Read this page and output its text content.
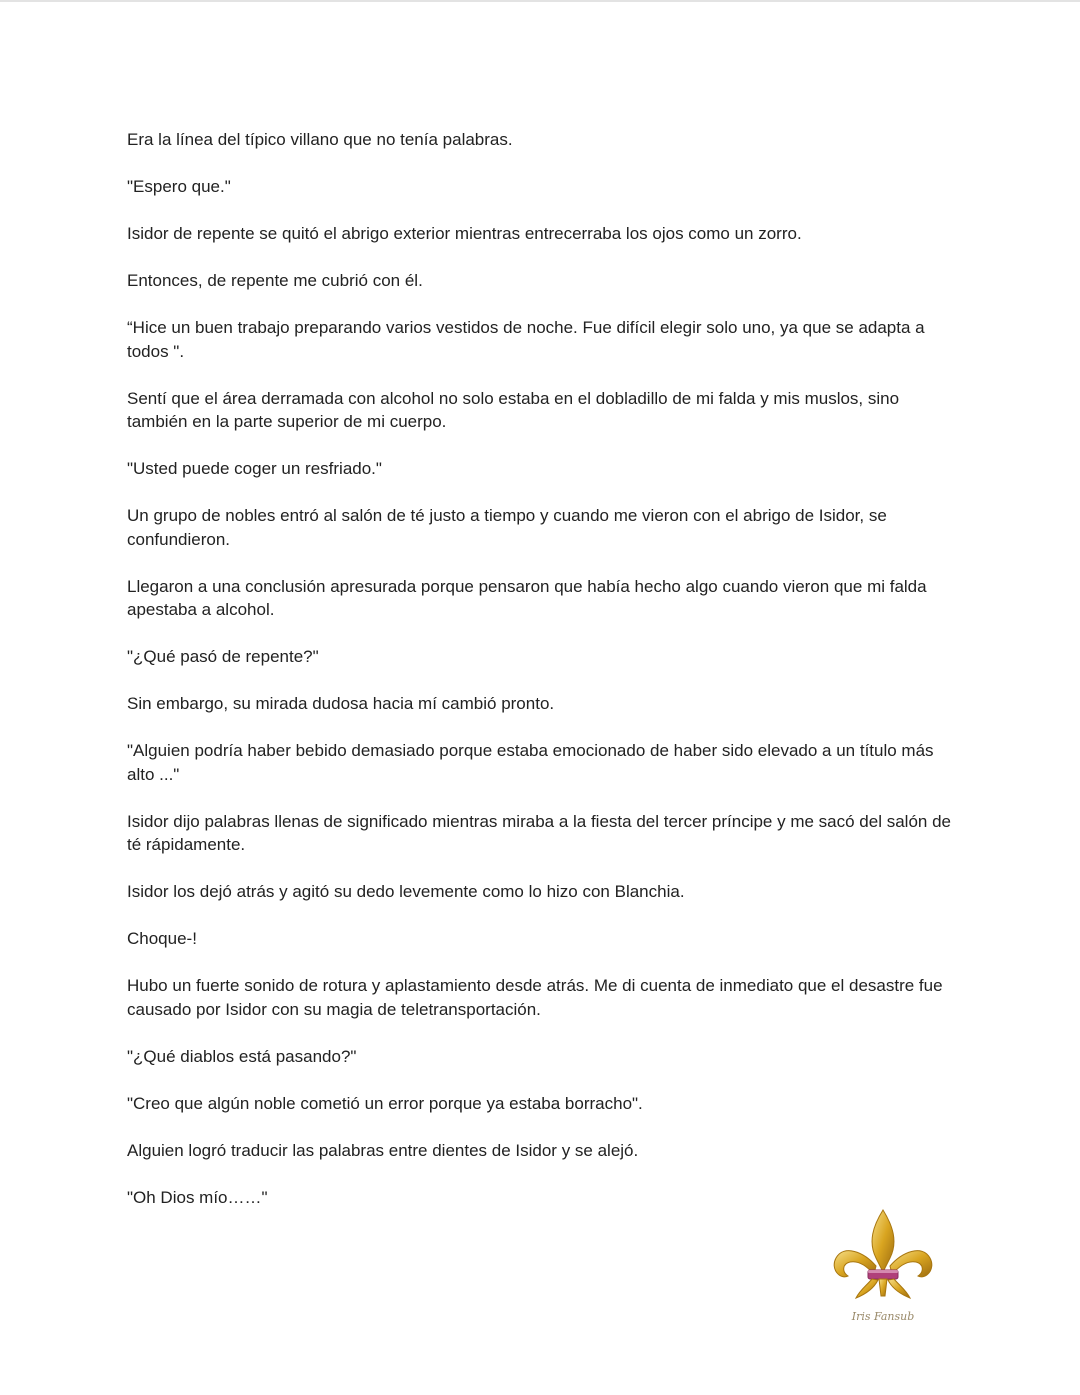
Era la línea del típico villano que no tenía palabras.

"Espero que."

Isidor de repente se quitó el abrigo exterior mientras entrecerraba los ojos como un zorro.

Entonces, de repente me cubrió con él.

“Hice un buen trabajo preparando varios vestidos de noche. Fue difícil elegir solo uno, ya que se adapta a todos ".

Sentí que el área derramada con alcohol no solo estaba en el dobladillo de mi falda y mis muslos, sino también en la parte superior de mi cuerpo.

"Usted puede coger un resfriado."

Un grupo de nobles entró al salón de té justo a tiempo y cuando me vieron con el abrigo de Isidor, se confundieron.

Llegaron a una conclusión apresurada porque pensaron que había hecho algo cuando vieron que mi falda apestaba a alcohol.

"¿Qué pasó de repente?"

Sin embargo, su mirada dudosa hacia mí cambió pronto.

"Alguien podría haber bebido demasiado porque estaba emocionado de haber sido elevado a un título más alto ..."

Isidor dijo palabras llenas de significado mientras miraba a la fiesta del tercer príncipe y me sacó del salón de té rápidamente.

Isidor los dejó atrás y agitó su dedo levemente como lo hizo con Blanchia.

Choque-!

Hubo un fuerte sonido de rotura y aplastamiento desde atrás. Me di cuenta de inmediato que el desastre fue causado por Isidor con su magia de teletransportación.

"¿Qué diablos está pasando?"

"Creo que algún noble cometió un error porque ya estaba borracho".

Alguien logró traducir las palabras entre dientes de Isidor y se alejó.

"Oh Dios mío……"

Iris Fansub
